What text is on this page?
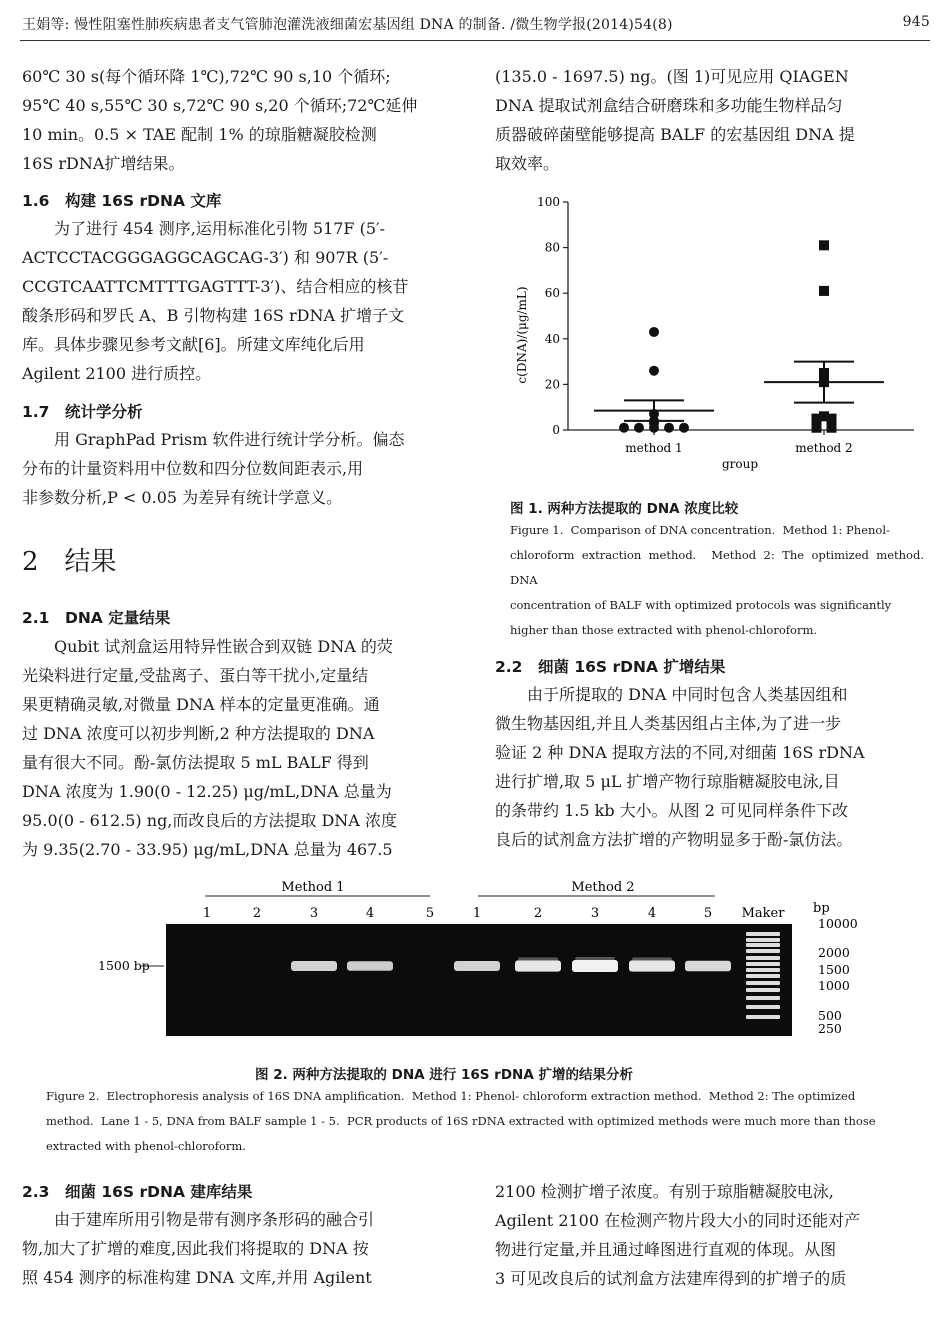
王娟等: 慢性阻塞性肺疾病患者支气管肺泡灌洗液细菌宏基因组 DNA 的制备. /微生物学报(2014)54(8)	945

60℃ 30 s(每个循环降 1℃),72℃ 90 s,10 个循环;
95℃ 40 s,55℃ 30 s,72℃ 90 s,20 个循环;72℃延伸
10 min。0.5 × TAE 配制 1% 的琼脂糖凝胶检测
16S rDNA扩增结果。

1.6　构建 16S rDNA 文库

　　为了进行 454 测序,运用标准化引物 517F (5′-
ACTCCTACGGGAGGCAGCAG-3′) 和 907R (5′-
CCGTCAATTCMTTTGAGTTT-3′)、结合相应的核苷
酸条形码和罗氏 A、B 引物构建 16S rDNA 扩增子文
库。具体步骤见参考文献[6]。所建文库纯化后用
Agilent 2100 进行质控。

1.7　统计学分析

　　用 GraphPad Prism 软件进行统计学分析。偏态
分布的计量资料用中位数和四分位数间距表示,用
非参数分析,P < 0.05 为差异有统计学意义。

2　结果
2.1　DNA 定量结果

　　Qubit 试剂盒运用特异性嵌合到双链 DNA 的荧
光染料进行定量,受盐离子、蛋白等干扰小,定量结
果更精确灵敏,对微量 DNA 样本的定量更准确。通
过 DNA 浓度可以初步判断,2 种方法提取的 DNA
量有很大不同。酚-氯仿法提取 5 mL BALF 得到
DNA 浓度为 1.90(0 - 12.25) μg/mL,DNA 总量为
95.0(0 - 612.5) ng,而改良后的方法提取 DNA 浓度
为 9.35(2.70 - 33.95) μg/mL,DNA 总量为 467.5

(135.0 - 1697.5) ng。(图 1)可见应用 QIAGEN
DNA 提取试剂盒结合研磨珠和多功能生物样品匀
质器破碎菌壁能够提高 BALF 的宏基因组 DNA 提
取效率。

c(DNA)/(μg/mL)
group
0
20
40
60
80
100
method 1	method 2
图 1. 两种方法提取的 DNA 浓度比较

Figure 1.  Comparison of DNA concentration.  Method 1: Phenol-
chloroform extraction method.  Method 2: The optimized method.  DNA
concentration of BALF with optimized protocols was significantly
higher than those extracted with phenol-chloroform.

2.2　细菌 16S rDNA 扩增结果

　　由于所提取的 DNA 中同时包含人类基因组和
微生物基因组,并且人类基因组占主体,为了进一步
验证 2 种 DNA 提取方法的不同,对细菌 16S rDNA
进行扩增,取 5 μL 扩增产物行琼脂糖凝胶电泳,目
的条带约 1.5 kb 大小。从图 2 可见同样条件下改
良后的试剂盒方法扩增的产物明显多于酚-氯仿法。

Method 1	Method 2
Maker bp
1500 bp
1	2	3	4	5	1	2	3	4	5
10000
2000
1500
1000
500
250
图 2. 两种方法提取的 DNA 进行 16S rDNA 扩增的结果分析

Figure 2.  Electrophoresis analysis of 16S DNA amplification.  Method 1: Phenol- chloroform extraction method.  Method 2: The optimized
method.  Lane 1 - 5, DNA from BALF sample 1 - 5.  PCR products of 16S rDNA extracted with optimized methods were much more than those
extracted with phenol-chloroform.

2.3　细菌 16S rDNA 建库结果

　　由于建库所用引物是带有测序条形码的融合引
物,加大了扩增的难度,因此我们将提取的 DNA 按
照 454 测序的标准构建 DNA 文库,并用 Agilent

2100 检测扩增子浓度。有别于琼脂糖凝胶电泳,
Agilent 2100 在检测产物片段大小的同时还能对产
物进行定量,并且通过峰图进行直观的体现。从图
3 可见改良后的试剂盒方法建库得到的扩增子的质
